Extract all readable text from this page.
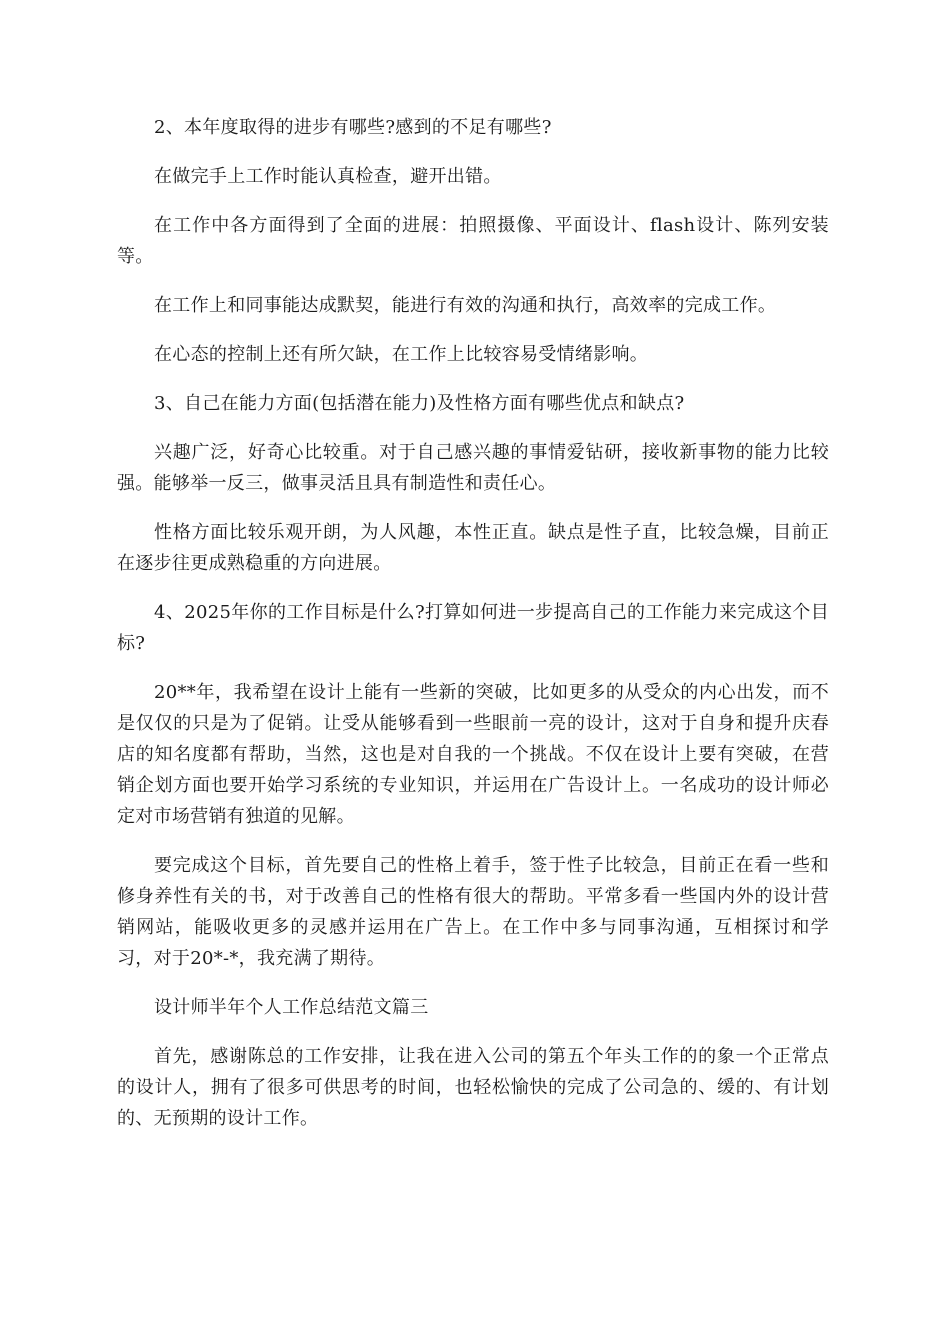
2、本年度取得的进步有哪些?感到的不足有哪些?

在做完手上工作时能认真检查，避开出错。

在工作中各方面得到了全面的进展：拍照摄像、平面设计、flash设计、陈列安装等。

在工作上和同事能达成默契，能进行有效的沟通和执行，高效率的完成工作。

在心态的控制上还有所欠缺，在工作上比较容易受情绪影响。

3、自己在能力方面(包括潜在能力)及性格方面有哪些优点和缺点?

兴趣广泛，好奇心比较重。对于自己感兴趣的事情爱钻研，接收新事物的能力比较强。能够举一反三，做事灵活且具有制造性和责任心。

性格方面比较乐观开朗，为人风趣，本性正直。缺点是性子直，比较急燥，目前正在逐步往更成熟稳重的方向进展。

4、2025年你的工作目标是什么?打算如何进一步提高自己的工作能力来完成这个目标?

20**年，我希望在设计上能有一些新的突破，比如更多的从受众的内心出发，而不是仅仅的只是为了促销。让受从能够看到一些眼前一亮的设计，这对于自身和提升庆春店的知名度都有帮助，当然，这也是对自我的一个挑战。不仅在设计上要有突破，在营销企划方面也要开始学习系统的专业知识，并运用在广告设计上。一名成功的设计师必定对市场营销有独道的见解。

要完成这个目标，首先要自己的性格上着手，签于性子比较急，目前正在看一些和修身养性有关的书，对于改善自己的性格有很大的帮助。平常多看一些国内外的设计营销网站，能吸收更多的灵感并运用在广告上。在工作中多与同事沟通，互相探讨和学习，对于20*-*，我充满了期待。

设计师半年个人工作总结范文篇三

首先，感谢陈总的工作安排，让我在进入公司的第五个年头工作的的象一个正常点的设计人，拥有了很多可供思考的时间，也轻松愉快的完成了公司急的、缓的、有计划的、无预期的设计工作。
